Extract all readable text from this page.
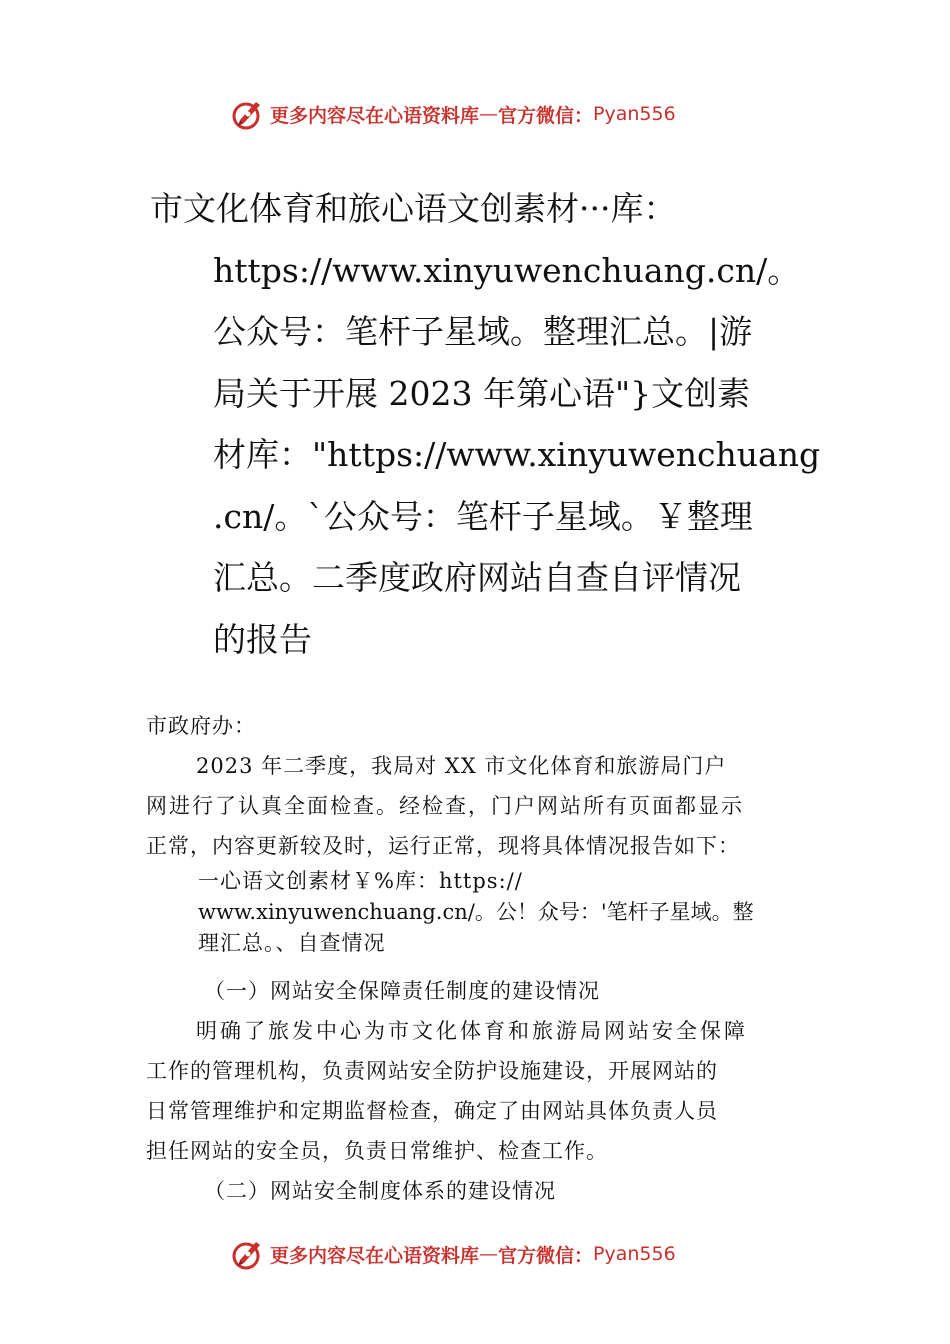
更多内容尽在心语资料库 — 官方微信： Pyan556
市文化体育和旅心语文创素材···库：
https://www.xinyuwenchuang.cn/。
公众号：笔杆子星域。整理汇总。|游
局关于开展 2023 年第心语"}文创素
材库："https://www.xinyuwenchuang
.cn/。`公众号：笔杆子星域。￥整理
汇总。二季度政府网站自查自评情况
的报告
市政府办：
2023 年二季度，我局对 XX 市文化体育和旅游局门户
网进行了认真全面检查。经检查，门户网站所有页面都显示
正常，内容更新较及时，运行正常，现将具体情况报告如下：
一心语文创素材￥%库：https://
www.xinyuwenchuang.cn/。公！众号：'笔杆子星域。整
理汇总。、自查情况
（一）网站安全保障责任制度的建设情况
明确了旅发中心为市文化体育和旅游局网站安全保障
工作的管理机构，负责网站安全防护设施建设，开展网站的
日常管理维护和定期监督检查，确定了由网站具体负责人员
担任网站的安全员，负责日常维护、检查工作。
（二）网站安全制度体系的建设情况
更多内容尽在心语资料库 — 官方微信： Pyan556
